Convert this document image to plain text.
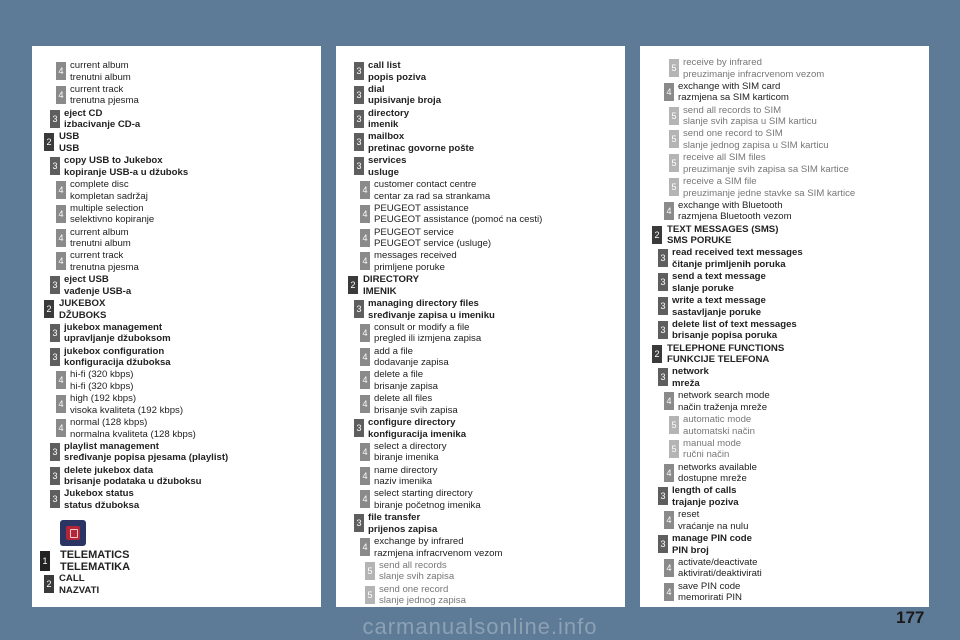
4 current album
trenutni album
4 current track
trenutna pjesma
3 eject CD
izbacivanje CD-a
2 USB
USB
3 copy USB to Jukebox
kopiranje USB-a u džuboks
4 complete disc
kompletan sadržaj
4 multiple selection
selektivno kopiranje
4 current album
trenutni album
4 current track
trenutna pjesma
3 eject USB
vađenje USB-a
2 JUKEBOX
DŽUBOKS
3 jukebox management
upravljanje džuboksom
3 jukebox configuration
konfiguracija džuboksa
4 hi-fi (320 kbps)
hi-fi (320 kbps)
4 high (192 kbps)
visoka kvaliteta (192 kbps)
4 normal (128 kbps)
normalna kvaliteta (128 kbps)
3 playlist management
sređivanje popisa pjesama (playlist)
3 delete jukebox data
brisanje podataka u džuboksu
3 Jukebox status
status džuboksa
1 TELEMATICS
TELEMATIKA
2 CALL
NAZVATI
3 call list
popis poziva
3 dial
upisivanje broja
3 directory
imenik
3 mailbox
pretinac govorne pošte
3 services
usluge
4 customer contact centre
centar za rad sa strankama
4 PEUGEOT assistance
PEUGEOT assistance (pomoć na cesti)
4 PEUGEOT service
PEUGEOT service (usluge)
4 messages received
primljene poruke
2 DIRECTORY
IMENIK
3 managing directory files
sređivanje zapisa u imeniku
4 consult or modify a file
pregled ili izmjena zapisa
4 add a file
dodavanje zapisa
4 delete a file
brisanje zapisa
4 delete all files
brisanje svih zapisa
3 configure directory
konfiguracija imenika
4 select a directory
biranje imenika
4 name directory
naziv imenika
4 select starting directory
biranje početnog imenika
3 file transfer
prijenos zapisa
4 exchange by infrared
razmjena infracrvenom vezom
5 send all records
slanje svih zapisa
5 send one record
slanje jednog zapisa
5 receive by infrared
preuzimanje infracrvenom vezom
4 exchange with SIM card
razmjena sa SIM karticom
5 send all records to SIM
slanje svih zapisa u SIM karticu
5 send one record to SIM
slanje jednog zapisa u SIM karticu
5 receive all SIM files
preuzimanje svih zapisa sa SIM kartice
5 receive a SIM file
preuzimanje jedne stavke sa SIM kartice
4 exchange with Bluetooth
razmjena Bluetooth vezom
2 TEXT MESSAGES (SMS)
SMS PORUKE
3 read received text messages
čitanje primljenih poruka
3 send a text message
slanje poruke
3 write a text message
sastavljanje poruke
3 delete list of text messages
brisanje popisa poruka
2 TELEPHONE FUNCTIONS
FUNKCIJE TELEFONA
3 network
mreža
4 network search mode
način traženja mreže
5 automatic mode
automatski način
5 manual mode
ručni način
4 networks available
dostupne mreže
3 length of calls
trajanje poziva
4 reset
vraćanje na nulu
3 manage PIN code
PIN broj
4 activate/deactivate
aktivirati/deaktivirati
4 save PIN code
memorirati PIN
carmanualsonline.info	177
